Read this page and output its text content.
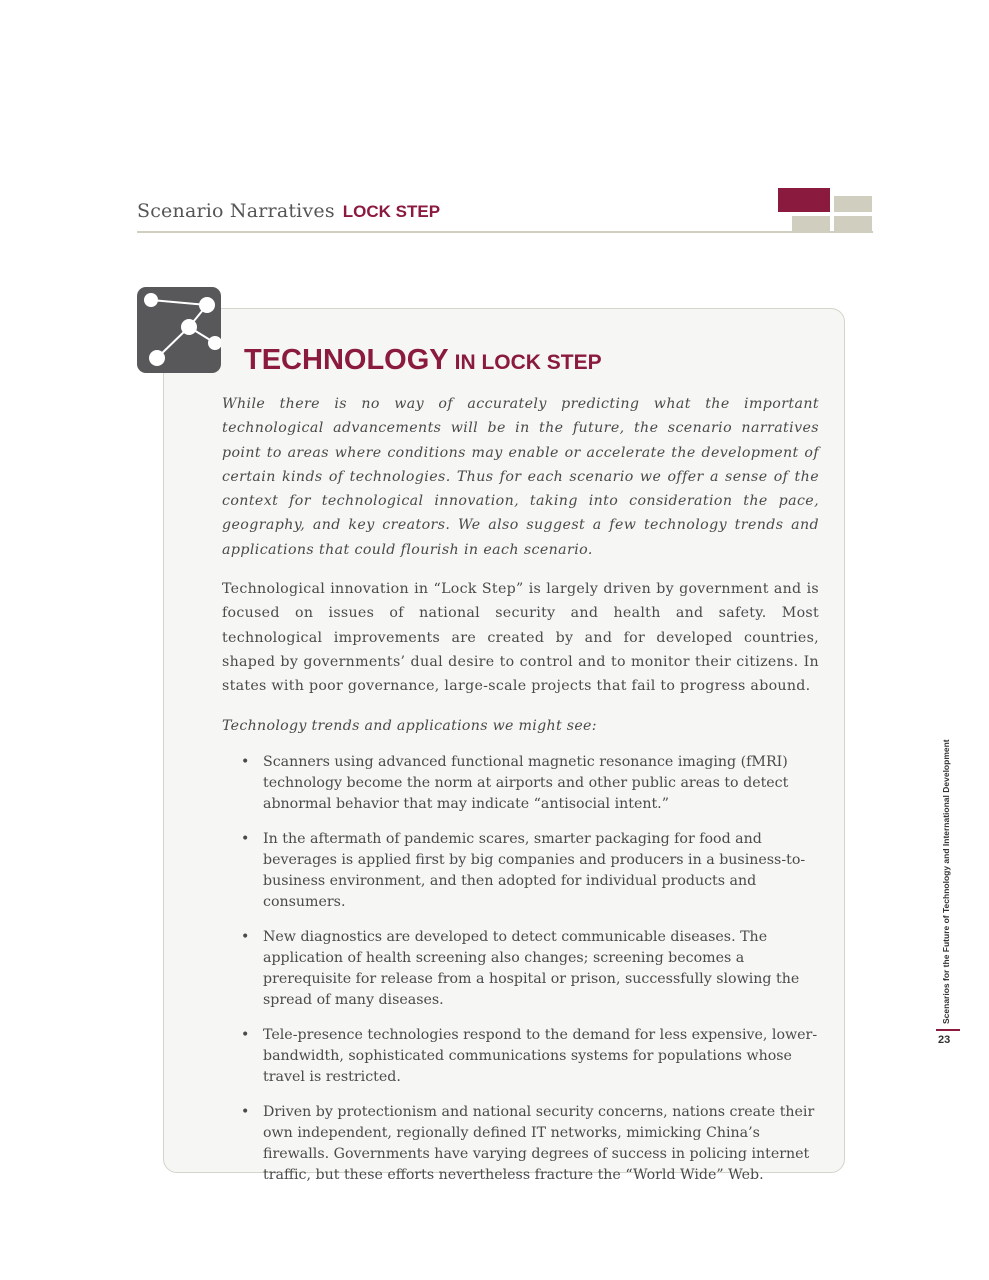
Scenario Narratives LOCK STEP
TECHNOLOGY IN LOCK STEP

While there is no way of accurately predicting what the important technological advancements will be in the future, the scenario narratives point to areas where conditions may enable or accelerate the development of certain kinds of technologies. Thus for each scenario we offer a sense of the context for technological innovation, taking into consideration the pace, geography, and key creators. We also suggest a few technology trends and applications that could flourish in each scenario.

Technological innovation in “Lock Step” is largely driven by government and is focused on issues of national security and health and safety. Most technological improvements are created by and for developed countries, shaped by governments’ dual desire to control and to monitor their citizens. In states with poor governance, large-scale projects that fail to progress abound.

Technology trends and applications we might see:

• Scanners using advanced functional magnetic resonance imaging (fMRI) technology become the norm at airports and other public areas to detect abnormal behavior that may indicate “antisocial intent.”
• In the aftermath of pandemic scares, smarter packaging for food and beverages is applied first by big companies and producers in a business-to-business environment, and then adopted for individual products and consumers.
• New diagnostics are developed to detect communicable diseases. The application of health screening also changes; screening becomes a prerequisite for release from a hospital or prison, successfully slowing the spread of many diseases.
• Tele-presence technologies respond to the demand for less expensive, lower-bandwidth, sophisticated communications systems for populations whose travel is restricted.
• Driven by protectionism and national security concerns, nations create their own independent, regionally defined IT networks, mimicking China’s firewalls. Governments have varying degrees of success in policing internet traffic, but these efforts nevertheless fracture the “World Wide” Web.
Scenarios for the Future of Technology and International Development
23
